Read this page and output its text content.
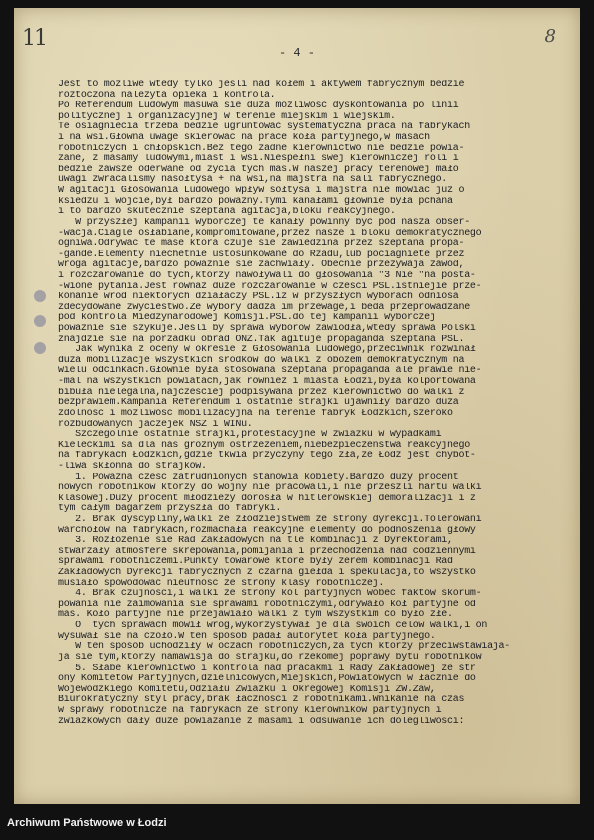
11	8
- 4 -
Jest to mozliwe wtedy tylko jesli nad kołem i aktywem fabrycznym bedzie
roztoczona należyta opieka i kontrola.
Po Referendum Ludowym masuwa sie duza mozliwośc dyskontowania po linii
politycznej i organizacyjnej w terenie miejskim i wiejskim.
Te osiagniecia trzeba bedzie ugruntowac systematyczna praca na fabrykach
i na wsi.Głowna uwage skierowac na prace koła partyjnego,w masach
robotniczych i chłopskich.Bez tego zadne kierownictwo nie bedzie powia-
zane, z masamy ludowymi,miast i wsi.Niespełni swej kierowniczej roli i
bedzie zawsze oderwane od zycia tych mas.W naszej pracy terenowej mało
uwagi zwracalismy nasołtysa + na wsi,na majstra na sali fabrycznego.
W agitacji Głosowania Ludowego wpływ sołtysa i majstra nie mowiac juz o
ksiedzu i wojcie,był bardzo poważny.Tymi kanałami głownie była pchana
i to bardzo skutecznie szeptana agitacja,bloku reakcyjnego.
W przyszłej kampanii wyborczej te kanały powinny byc pod nasza obser-
-wacja.Ciagle osłabiane,kompromitowane,przez nasze i bloku demokratycznego
ogniwa.Odrywac te mase ktora czuje sie zawiedzina przez szeptana propa-
-gande.Elementy niechetnie ustosunkowane do Rzadu,lub pociagniete przez
wroga agitacje,bardzo powaznie sie zachwiały. Obecnie przezywaja zawod,
i rozczarowanie do tych,ktorzy nawoływali do głosowania "3 Nie "na posta-
-wione pytania.Jest rownaż duze rozczarowanie w czesci PSL.istniejie prze-
konanie wrod niektorych działaczy PSL.iz w przyszłych wyborach odniosa
zdecydowane zwyciestwo.Ze wybory dadza im przewage,i beda przeprowadzane
pod kontrola Miedzynarodowej Komisji.PSL.do tej kampanii wyborczej
powaznie sie szykuje.Jesli by sprawa wyborow zawiodła,wtedy sprawa Polski
znajdzie sie na porzadku obrad ONZ.Tak agituje propaganda szeptana PSL.
Jak wynika z oceny w okresie z Głosowania Ludowego,przeciwnik rozwinał
duza mobilizacje wszystkich srodkow do walki z obozem demokratycznym na
wielu odcinkach.Głownie była stosowana szeptana propaganda ale prawie nie-
-mal na wszystkich powiatach,jak rowniez i miasta Łodzi,była kolportowana
bibuła nielegalna,najczesciej podpisywana przez kierownictwo do walki z
bezprawiem.Kampania Referendum i ostatnie strajki ujawniły bardzo duza
zdolnosc i mozliwosc mobilizacyjna na terenie fabryk Łodzkich,szeroko
rozbudowanych jaczejek NSZ i WINu.
Szczegolnie ostatnie strajki,protestacyjne w zwiazku w wypadkami
Kieleckimi sa dla nas groznym ostrzezeniem,niebezpieczenstwa reakcyjnego
na fabrykach Łodzkich,gdzie tkwia przyczyny tego zła,ze Łodz jest chybot-
-liwa skłonna do strajkow.
1. Powazna czesc zatrudnionych stanowia kobiety.Bardzo duzy procent
nowych robotnikow ktorzy do wojny nie pracowali,i nie przeszli hartu walki
klasowej.Duzy procent młodziezy dorosła w hitlerowskiej demoralizacji i z
tym całym bagarzem przyszła do fabryki.
2. Brak dyscypliny,walki ze złodziejstwem ze strony dyrekcji.Tolerowani
warchołow na fabrykach,rozmachała reakcyjne elementy do podnoszenia głowy
3. Rozłozenie sie Rad Zakładowych na tle kombinacji z Dyrektorami,
stwarzały atmosfere skrepowania,pomijania i przechodzenia nad codziennymi
sprawami robotniczemi.Punkty towarowe ktore były zerem kombinacji Rad
Zakładowych Dyrekcji fabrycznych z czarna giełda i spekulacja,to wszystko
musiało spowodowac nieufnosc ze strony klasy robotniczej.
4. Brak czujnosci,i walki ze strony kol partyjnych wobec faktow skorum-
powania nie zaimowania sie sprawami robotniczymi,odrywało koł partyjne od
mas. Koło partyjne nie przejawiało walki z tym wszystkim co było złe.
O  tych sprawach mowił wrog,wykorzystywał je dla swoich celow walki,i on
wysuwał sie na czoło.W ten sposob padał autorytet koła partyjnego.
W ten sposob uchodziły w oczach robotniczych,za tych ktorzy przeciwstawiaja-
ja sie tym,ktorzy namawisja do strajku,do rzekomej poprawy bytu robotnikow
5. Słabe kierownictwo i kontrola nad pracakmi i Rady Zakładowej ze str
ony Komitetow Partyjnych,dzielnicowych,Miejskich,Powiatowych w łacznie do
Wojewodzkiego Komitetu,Odziału Zwiazku i Okregowej Komisji ZW.Zaw,
Biurokratyczny styl pracy,brak łacznosci z robotnikami.Wnikanie na czas
w sprawy robotnicze na fabrykach ze strony kierownikow partyjnych i
zwiazkowych dały duze powiazanie z masami i odsuwanie ich dolegliwosci:
Archiwum Państwowe w Łodzi
